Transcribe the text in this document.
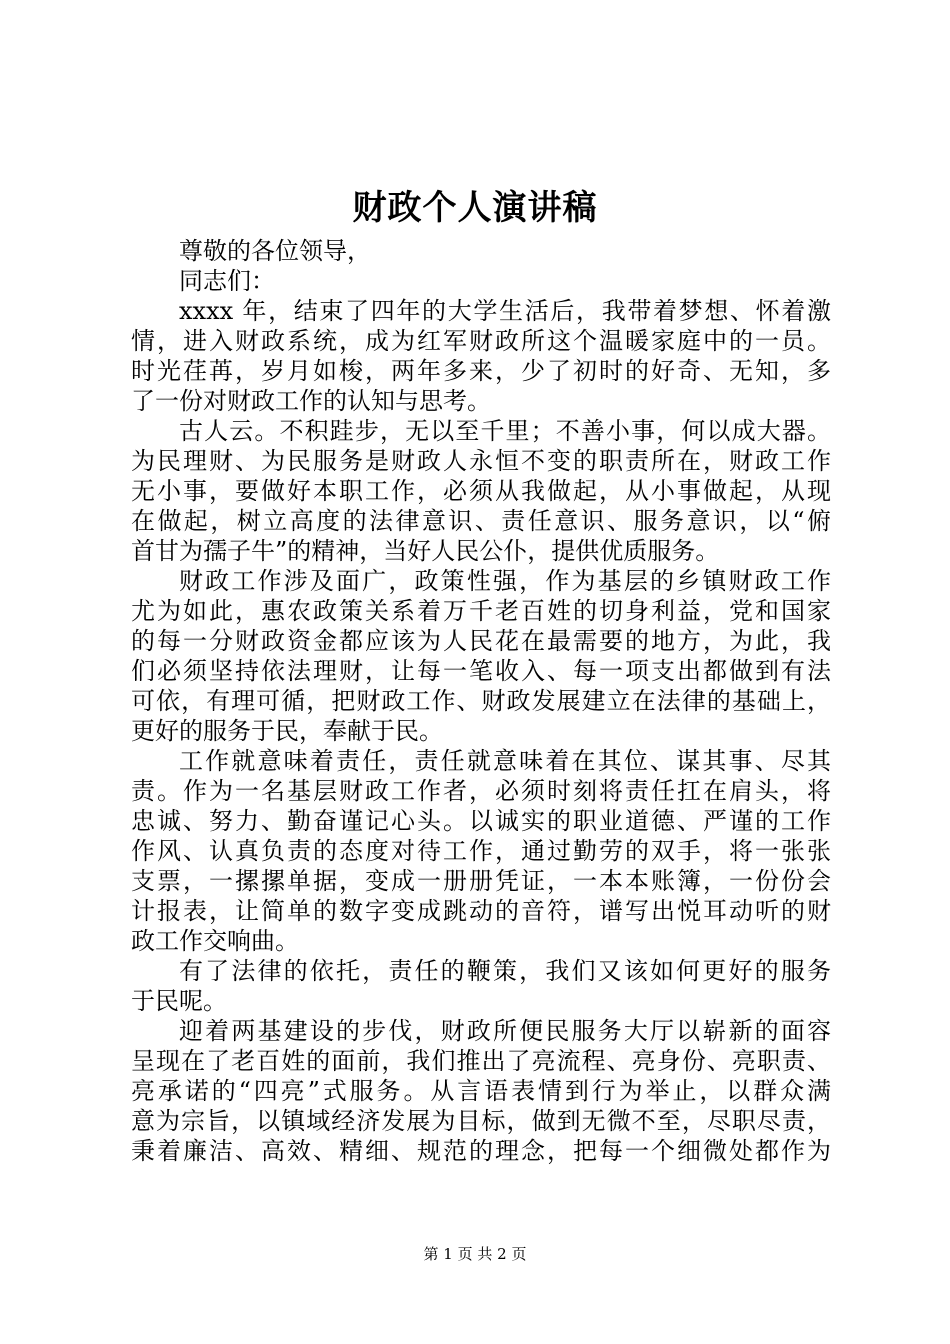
财政个人演讲稿
尊敬的各位领导，
同志们：
xxxx 年，结束了四年的大学生活后，我带着梦想、怀着激
情，进入财政系统，成为红军财政所这个温暖家庭中的一员。
时光荏苒，岁月如梭，两年多来，少了初时的好奇、无知，多
了一份对财政工作的认知与思考。
古人云。不积跬步，无以至千里；不善小事，何以成大器。
为民理财、为民服务是财政人永恒不变的职责所在，财政工作
无小事，要做好本职工作，必须从我做起，从小事做起，从现
在做起，树立高度的法律意识、责任意识、服务意识，以“俯
首甘为孺子牛”的精神，当好人民公仆，提供优质服务。
财政工作涉及面广，政策性强，作为基层的乡镇财政工作
尤为如此，惠农政策关系着万千老百姓的切身利益，党和国家
的每一分财政资金都应该为人民花在最需要的地方，为此，我
们必须坚持依法理财，让每一笔收入、每一项支出都做到有法
可依，有理可循，把财政工作、财政发展建立在法律的基础上，
更好的服务于民，奉献于民。
工作就意味着责任，责任就意味着在其位、谋其事、尽其
责。作为一名基层财政工作者，必须时刻将责任扛在肩头，将
忠诚、努力、勤奋谨记心头。以诚实的职业道德、严谨的工作
作风、认真负责的态度对待工作，通过勤劳的双手，将一张张
支票，一摞摞单据，变成一册册凭证，一本本账簿，一份份会
计报表，让简单的数字变成跳动的音符，谱写出悦耳动听的财
政工作交响曲。
有了法律的依托，责任的鞭策，我们又该如何更好的服务
于民呢。
迎着两基建设的步伐，财政所便民服务大厅以崭新的面容
呈现在了老百姓的面前，我们推出了亮流程、亮身份、亮职责、
亮承诺的“四亮”式服务。从言语表情到行为举止，以群众满
意为宗旨，以镇域经济发展为目标，做到无微不至，尽职尽责，
秉着廉洁、高效、精细、规范的理念，把每一个细微处都作为
第 1 页 共 2 页
